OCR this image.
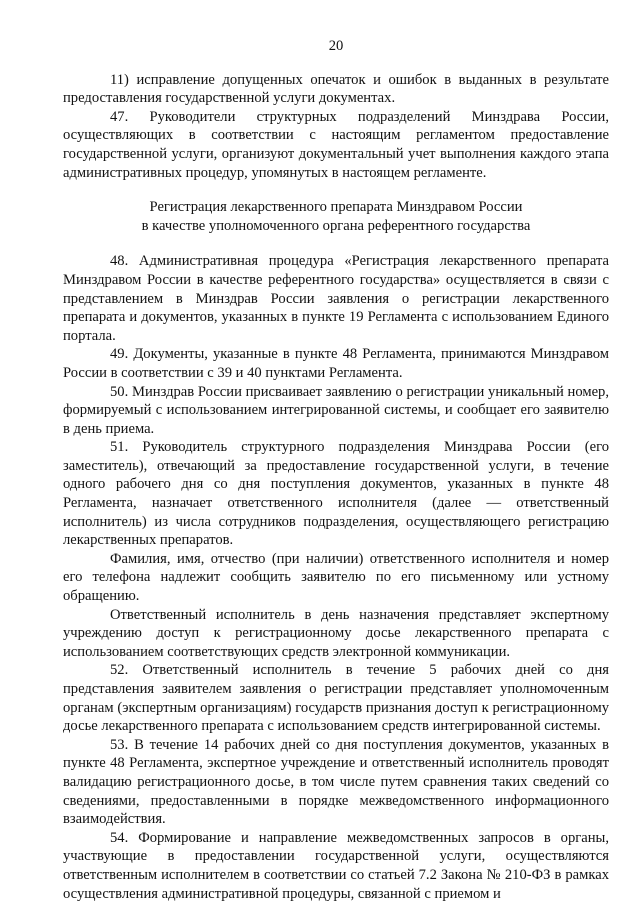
20

11) исправление допущенных опечаток и ошибок в выданных в результате предоставления государственной услуги документах.

47. Руководители структурных подразделений Минздрава России, осуществляющих в соответствии с настоящим регламентом предоставление государственной услуги, организуют документальный учет выполнения каждого этапа административных процедур, упомянутых в настоящем регламенте.

Регистрация лекарственного препарата Минздравом России
в качестве уполномоченного органа референтного государства

48. Административная процедура «Регистрация лекарственного препарата Минздравом России в качестве референтного государства» осуществляется в связи с представлением в Минздрав России заявления о регистрации лекарственного препарата и документов, указанных в пункте 19 Регламента с использованием Единого портала.

49. Документы, указанные в пункте 48 Регламента, принимаются Минздравом России в соответствии с 39 и 40 пунктами Регламента.

50. Минздрав России присваивает заявлению о регистрации уникальный номер, формируемый с использованием интегрированной системы, и сообщает его заявителю в день приема.

51. Руководитель структурного подразделения Минздрава России (его заместитель), отвечающий за предоставление государственной услуги, в течение одного рабочего дня со дня поступления документов, указанных в пункте 48 Регламента, назначает ответственного исполнителя (далее — ответственный исполнитель) из числа сотрудников подразделения, осуществляющего регистрацию лекарственных препаратов.

Фамилия, имя, отчество (при наличии) ответственного исполнителя и номер его телефона надлежит сообщить заявителю по его письменному или устному обращению.

Ответственный исполнитель в день назначения представляет экспертному учреждению доступ к регистрационному досье лекарственного препарата с использованием соответствующих средств электронной коммуникации.

52. Ответственный исполнитель в течение 5 рабочих дней со дня представления заявителем заявления о регистрации представляет уполномоченным органам (экспертным организациям) государств признания доступ к регистрационному досье лекарственного препарата с использованием средств интегрированной системы.

53. В течение 14 рабочих дней со дня поступления документов, указанных в пункте 48 Регламента, экспертное учреждение и ответственный исполнитель проводят валидацию регистрационного досье, в том числе путем сравнения таких сведений со сведениями, предоставленными в порядке межведомственного информационного взаимодействия.

54. Формирование и направление межведомственных запросов в органы, участвующие в предоставлении государственной услуги, осуществляются ответственным исполнителем в соответствии со статьей 7.2 Закона № 210-ФЗ в рамках осуществления административной процедуры, связанной с приемом и
